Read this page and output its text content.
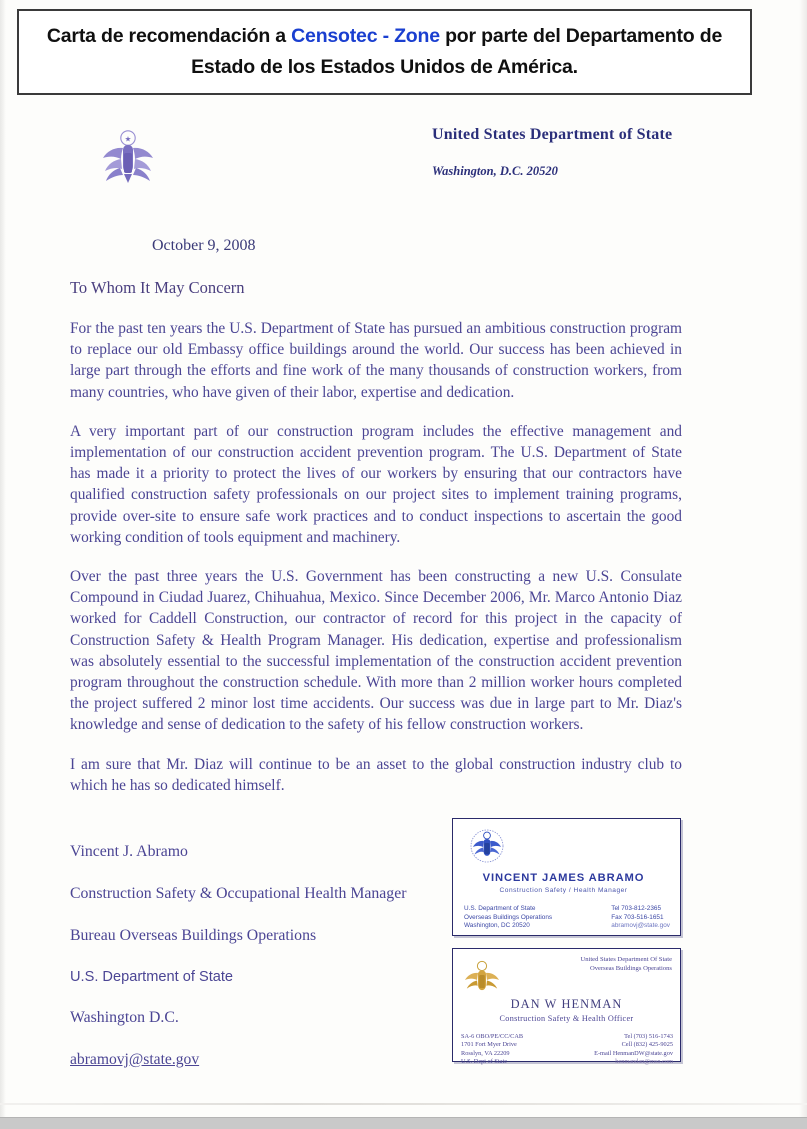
Carta de recomendación a Censotec - Zone por parte del Departamento de
Estado de los Estados Unidos de América.
★	United States Department of State
Washington, D.C. 20520
October 9, 2008
To Whom It May Concern

For the past ten years the U.S. Department of State has pursued an ambitious construction program to replace our old Embassy office buildings around the world. Our success has been achieved in large part through the efforts and fine work of the many thousands of construction workers, from many countries, who have given of their labor, expertise and dedication.

A very important part of our construction program includes the effective management and implementation of our construction accident prevention program. The U.S. Department of State has made it a priority to protect the lives of our workers by ensuring that our contractors have qualified construction safety professionals on our project sites to implement training programs, provide over-site to ensure safe work practices and to conduct inspections to ascertain the good working condition of tools equipment and machinery.

Over the past three years the U.S. Government has been constructing a new U.S. Consulate Compound in Ciudad Juarez, Chihuahua, Mexico. Since December 2006, Mr. Marco Antonio Diaz worked for Caddell Construction, our contractor of record for this project in the capacity of Construction Safety & Health Program Manager. His dedication, expertise and professionalism was absolutely essential to the successful implementation of the construction accident prevention program throughout the construction schedule. With more than 2 million worker hours completed the project suffered 2 minor lost time accidents. Our success was due in large part to Mr. Diaz's knowledge and sense of dedication to the safety of his fellow construction workers.

I am sure that Mr. Diaz will continue to be an asset to the global construction industry club to which he has so dedicated himself.

Vincent J. Abramo
Construction Safety & Occupational Health Manager
Bureau Overseas Buildings Operations
U.S. Department of State
Washington D.C.
abramovj@state.gov
VINCENT JAMES ABRAMO
Construction Safety / Health Manager
U.S. Department of State
Overseas Buildings Operations
Washington, DC 20520
Tel 703-812-2365
Fax 703-516-1651
abramovj@state.gov
United States Department Of State
Overseas Buildings Operations
DAN W HENMAN
Construction Safety & Health Officer
SA-6 OBO/PE/CC/CAB
1701 Fort Myer Drive
Rosslyn, VA 22209
U.S. Dept of State
Tel (703) 516-1743
Cell (832) 425-9025
E-mail HenmanDW@state.gov
henmandan@msn.com
